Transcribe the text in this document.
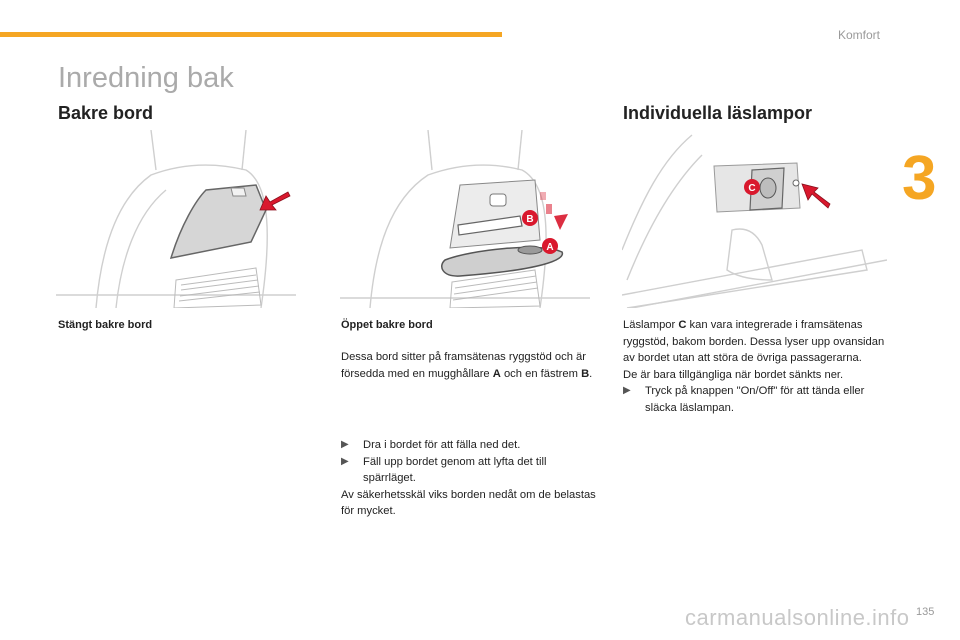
Komfort
3
Inredning bak
Bakre bord	Individuella läslampor
B
A
C
Stängt bakre bord	Öppet bakre bord

Dessa bord sitter på framsätenas ryggstöd och är försedda med en mugghållare A och en fästrem B.

▶	Dra i bordet för att fälla ned det.
▶	Fäll upp bordet genom att lyfta det till spärrläget.

Av säkerhetsskäl viks borden nedåt om de belastas för mycket.

Läslampor C kan vara integrerade i framsätenas ryggstöd, bakom borden. Dessa lyser upp ovansidan av bordet utan att störa de övriga passagerarna.

De är bara tillgängliga när bordet sänkts ner.

▶	Tryck på knappen "On/Off" för att tända eller släcka läslampan.
carmanualsonline.info 135
